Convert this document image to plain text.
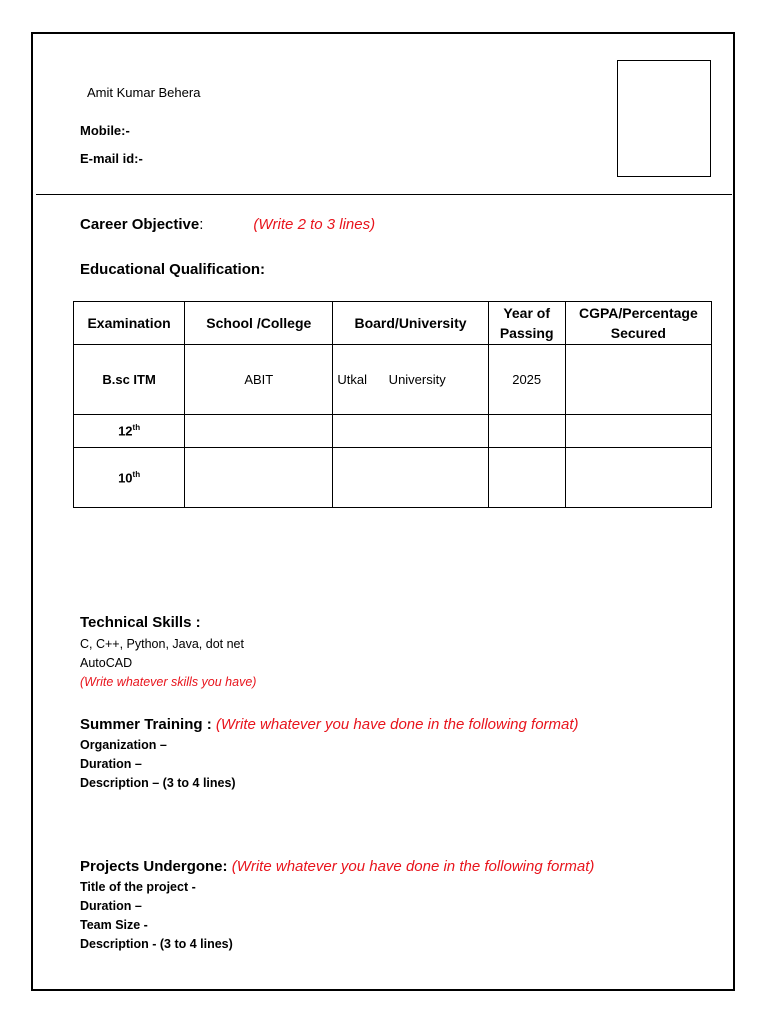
Amit Kumar Behera
Mobile:-
E-mail id:-
Career Objective:	(Write 2 to 3 lines)
Educational Qualification:
Examination	School /College	Board/University	Year of Passing	CGPA/Percentage Secured
B.sc ITM	ABIT	Utkal      University	2025	
12th				
10th				
Technical Skills :
C, C++, Python, Java, dot net
AutoCAD
(Write whatever skills you have)
Summer Training : (Write whatever you have done in the following format)
Organization –
Duration –
Description – (3 to 4 lines)
Projects Undergone: (Write whatever you have done in the following format)
Title of the project -
Duration –
Team Size -
Description - (3 to 4 lines)
